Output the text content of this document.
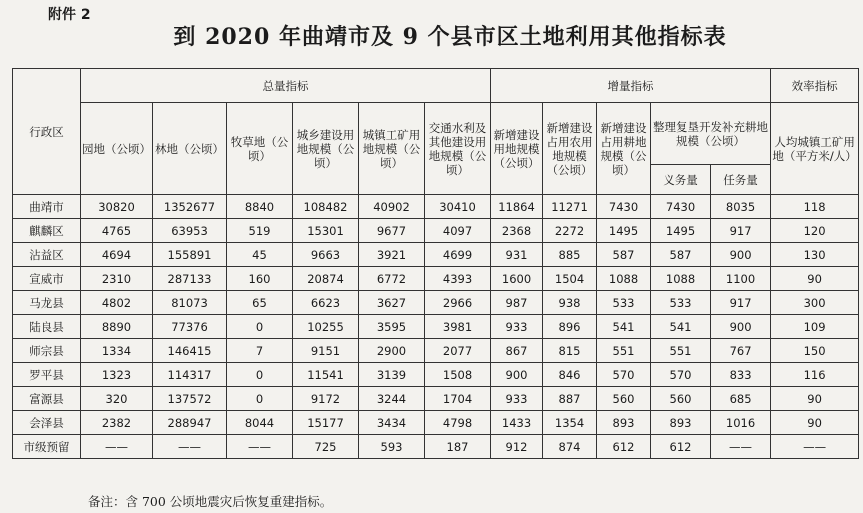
附件 2
到 2020 年曲靖市及 9 个县市区土地利用其他指标表
行政区	总量指标						增量指标					效率指标
	园地（公顷）	林地（公顷）	牧草地（公顷）	城乡建设用地规模（公顷）	城镇工矿用地规模（公顷）	交通水利及其他建设用地规模（公顷）	新增建设用地规模（公顷）	新增建设占用农用地规模（公顷）	新增建设占用耕地规模（公顷）	整理复垦开发补充耕地规模（公顷）		人均城镇工矿用地（平方米/人）
										义务量	任务量	
曲靖市	30820	1352677	8840	108482	40902	30410	11864	11271	7430	7430	8035	118
麒麟区	4765	63953	519	15301	9677	4097	2368	2272	1495	1495	917	120
沾益区	4694	155891	45	9663	3921	4699	931	885	587	587	900	130
宣威市	2310	287133	160	20874	6772	4393	1600	1504	1088	1088	1100	90
马龙县	4802	81073	65	6623	3627	2966	987	938	533	533	917	300
陆良县	8890	77376	0	10255	3595	3981	933	896	541	541	900	109
师宗县	1334	146415	7	9151	2900	2077	867	815	551	551	767	150
罗平县	1323	114317	0	11541	3139	1508	900	846	570	570	833	116
富源县	320	137572	0	9172	3244	1704	933	887	560	560	685	90
会泽县	2382	288947	8044	15177	3434	4798	1433	1354	893	893	1016	90
市级预留	——	——	——	725	593	187	912	874	612	612	——	——
备注：含 700 公顷地震灾后恢复重建指标。
